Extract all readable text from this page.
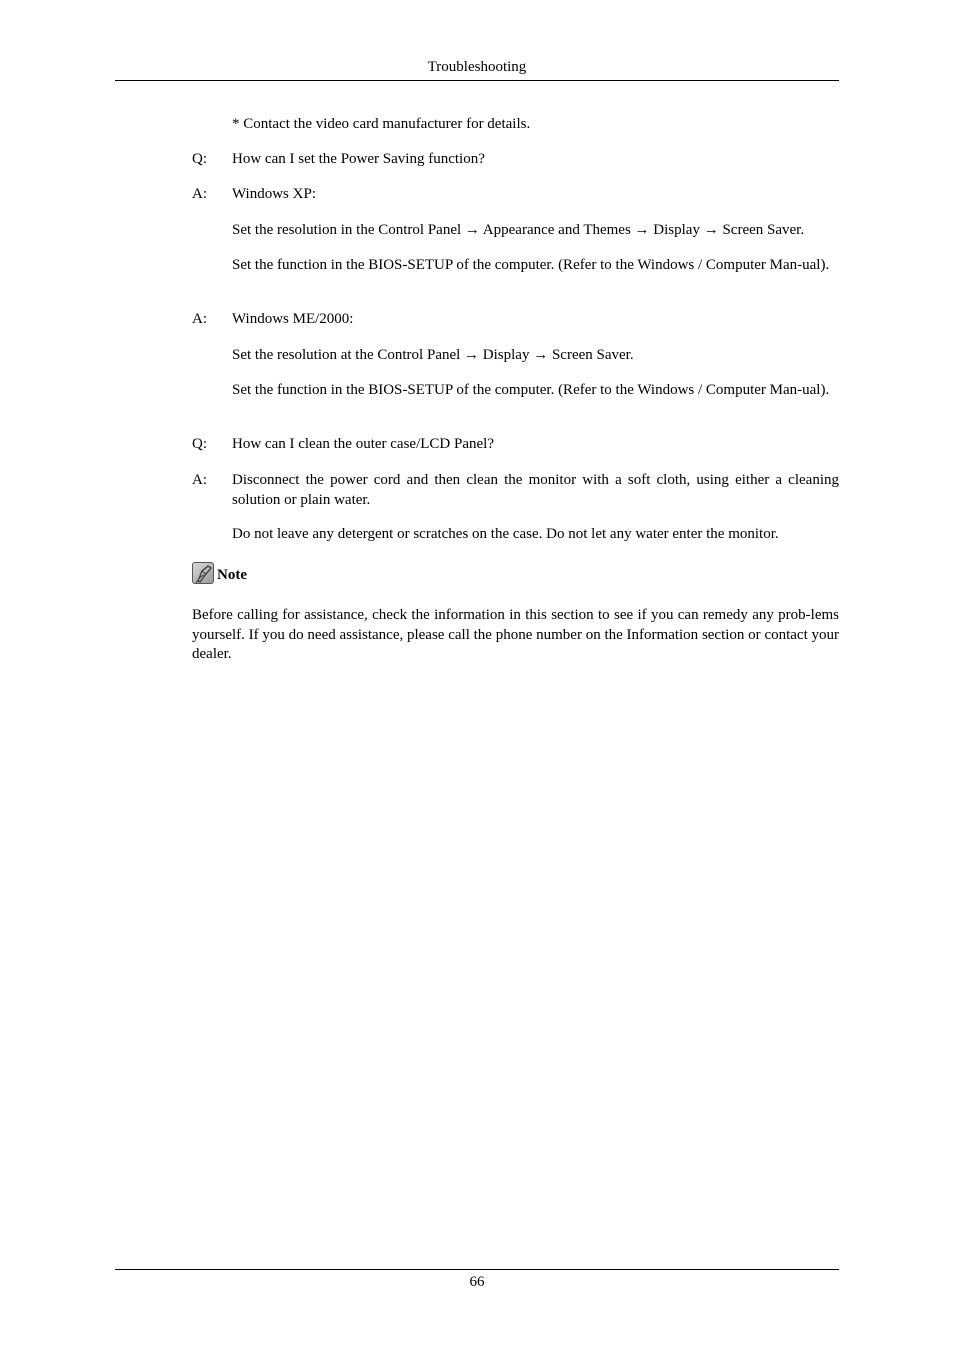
Troubleshooting
* Contact the video card manufacturer for details.
Q: How can I set the Power Saving function?
A: Windows XP:
Set the resolution in the Control Panel → Appearance and Themes → Display → Screen Saver.
Set the function in the BIOS-SETUP of the computer. (Refer to the Windows / Computer Man-ual).
A: Windows ME/2000:
Set the resolution at the Control Panel → Display → Screen Saver.
Set the function in the BIOS-SETUP of the computer. (Refer to the Windows / Computer Man-ual).
Q: How can I clean the outer case/LCD Panel?
A: Disconnect the power cord and then clean the monitor with a soft cloth, using either a cleaning solution or plain water.
Do not leave any detergent or scratches on the case. Do not let any water enter the monitor.
Note
Before calling for assistance, check the information in this section to see if you can remedy any prob-lems yourself. If you do need assistance, please call the phone number on the Information section or contact your dealer.
66
